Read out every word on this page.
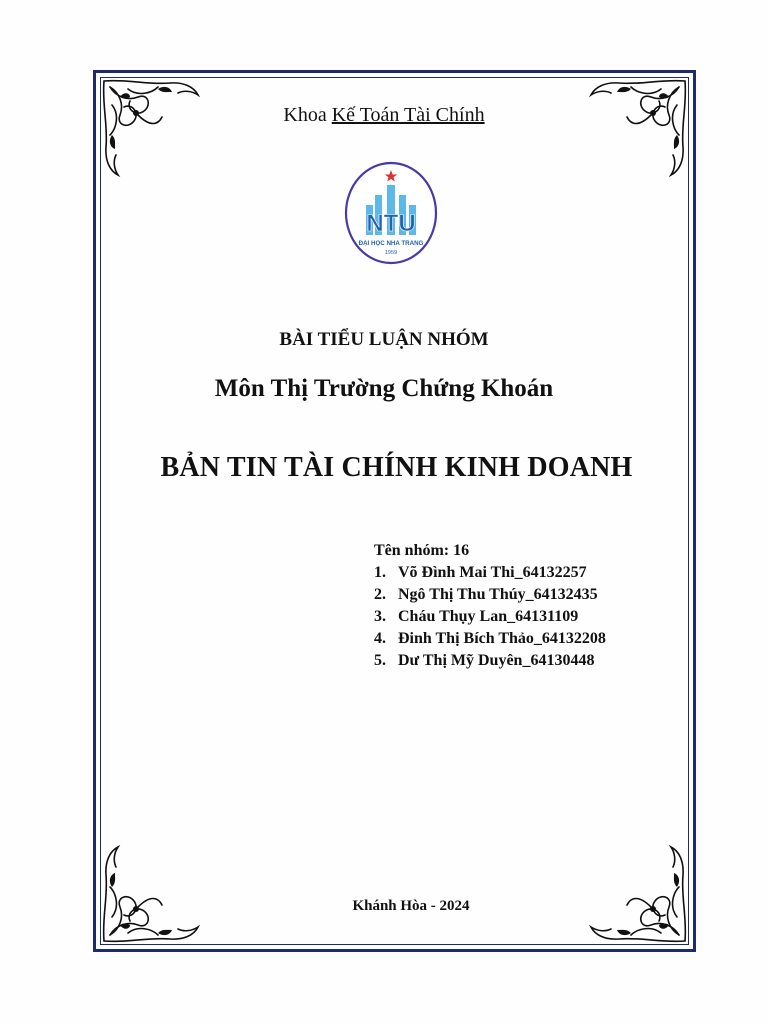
Khoa Kế Toán Tài Chính
NTU
ĐẠI HỌC NHA TRANG
1959
BÀI TIỂU LUẬN NHÓM
Môn Thị Trường Chứng Khoán
BẢN TIN TÀI CHÍNH KINH DOANH
Tên nhóm: 16
1. Võ Đình Mai Thi_64132257
2. Ngô Thị Thu Thúy_64132435
3. Cháu Thụy Lan_64131109
4. Đinh Thị Bích Thảo_64132208
5. Dư Thị Mỹ Duyên_64130448
Khánh Hòa - 2024
